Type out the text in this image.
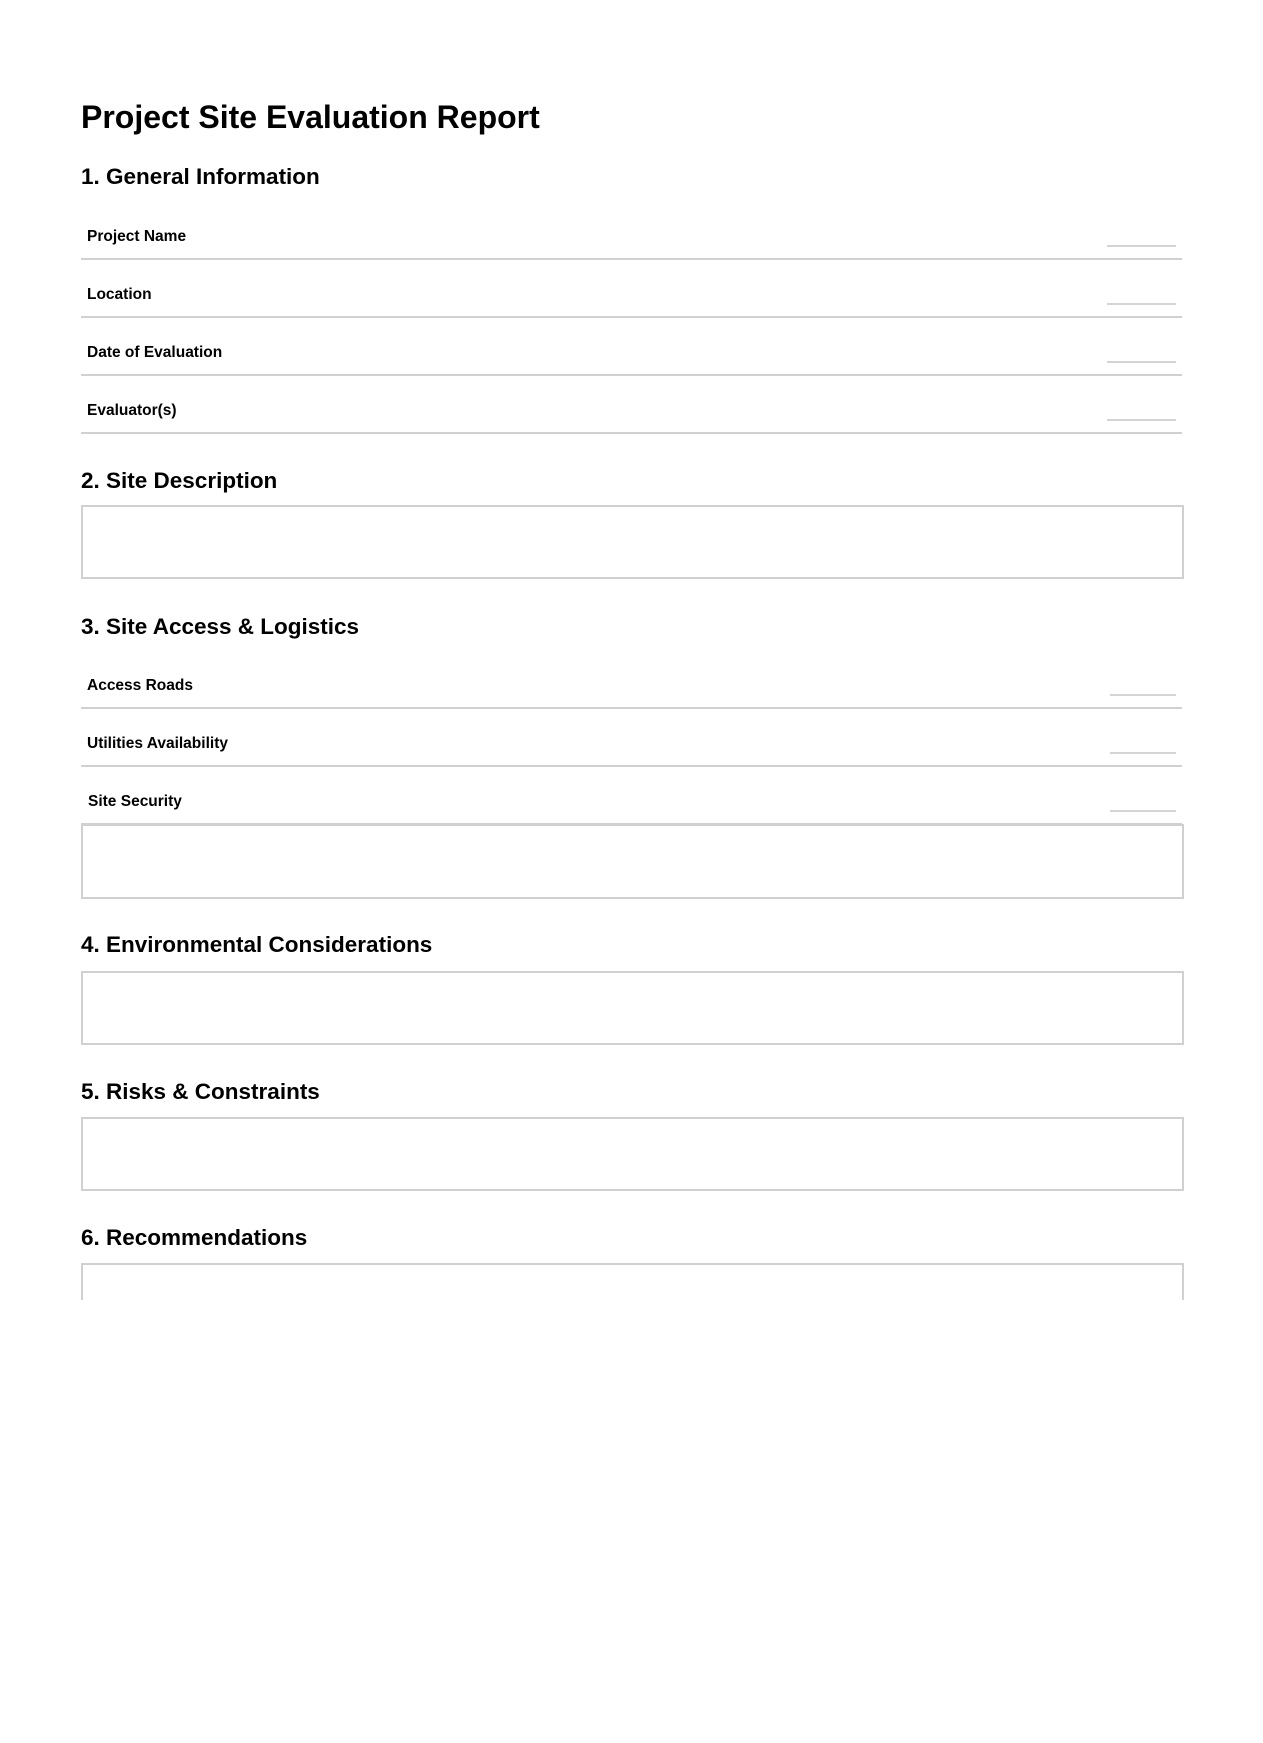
Project Site Evaluation Report
1. General Information
Project Name
Location
Date of Evaluation
Evaluator(s)
2. Site Description
3. Site Access & Logistics
Access Roads
Utilities Availability
Site Security
4. Environmental Considerations
5. Risks & Constraints
6. Recommendations
